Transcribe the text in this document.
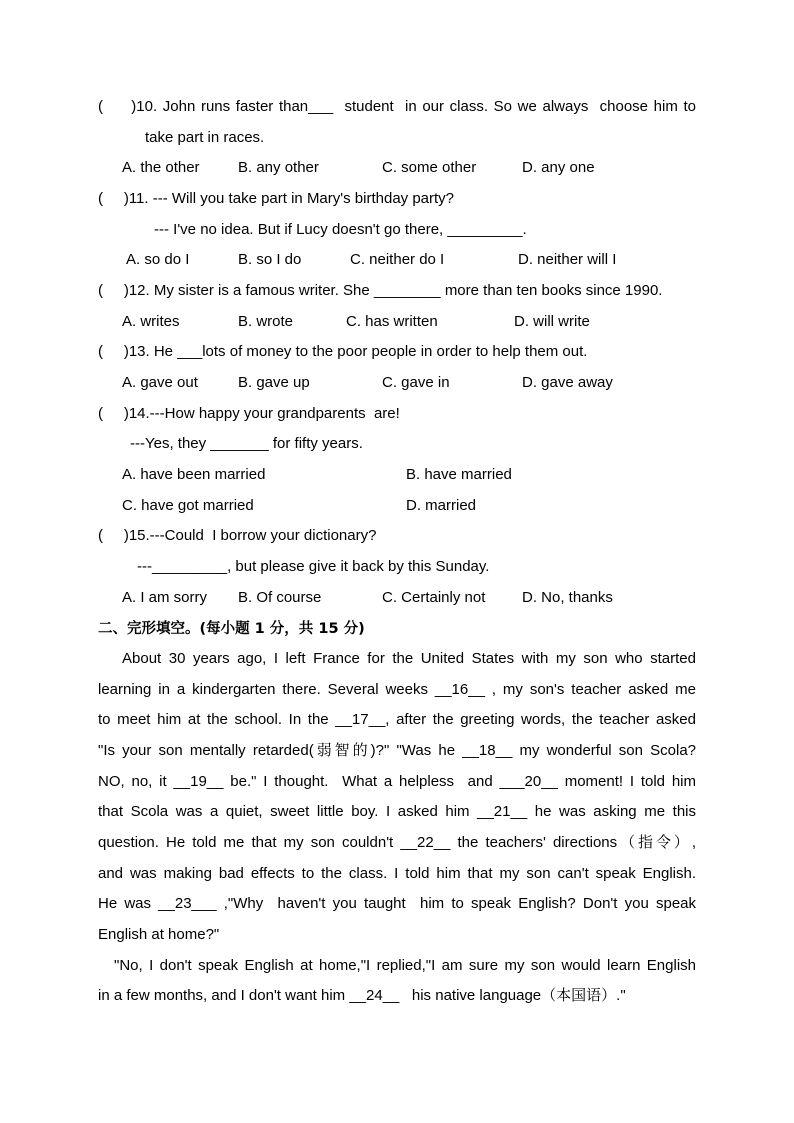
(     )10. John runs faster than___  student  in our class. So we always  choose him to
take part in races.
A. the other	B. any other	C. some other	D. any one
(     )11. --- Will you take part in Mary's birthday party?
--- I've no idea. But if Lucy doesn't go there, _________.
A. so do I	B. so I do	C. neither do I	D. neither will I
(     )12. My sister is a famous writer. She ________ more than ten books since 1990.
A. writes	B. wrote	C. has written	D. will write
(     )13. He ___lots of money to the poor people in order to help them out.
A. gave out	B. gave up	C. gave in	D. gave away
(     )14.---How happy your grandparents  are!
---Yes, they _______ for fifty years.
A. have been married	B. have married
C. have got married	D. married
(     )15.---Could  I borrow your dictionary?
---_________, but please give it back by this Sunday.
A. I am sorry B. Of course	C. Certainly not D. No, thanks
二、完形填空。(每小题 1 分，共 15 分)
About 30 years ago, I left France for the United States with my son who started
learning in a kindergarten there. Several weeks __16__ , my son's teacher asked me
to meet him at the school. In the __17__, after the greeting words, the teacher asked
"Is your son mentally retarded(弱智的)?" "Was he __18__ my wonderful son Scola?
NO, no, it __19__ be." I thought.  What a helpless  and ___20__ moment! I told him
that Scola was a quiet, sweet little boy. I asked him __21__ he was asking me this
question. He told me that my son couldn't __22__ the teachers' directions（指令）,
and was making bad effects to the class. I told him that my son can't speak English.
He was __23___ ,"Why  haven't you taught  him to speak English? Don't you speak
English at home?"
"No, I don't speak English at home,"I replied,"I am sure my son would learn English
in a few months, and I don't want him __24__   his native language（本国语）."
